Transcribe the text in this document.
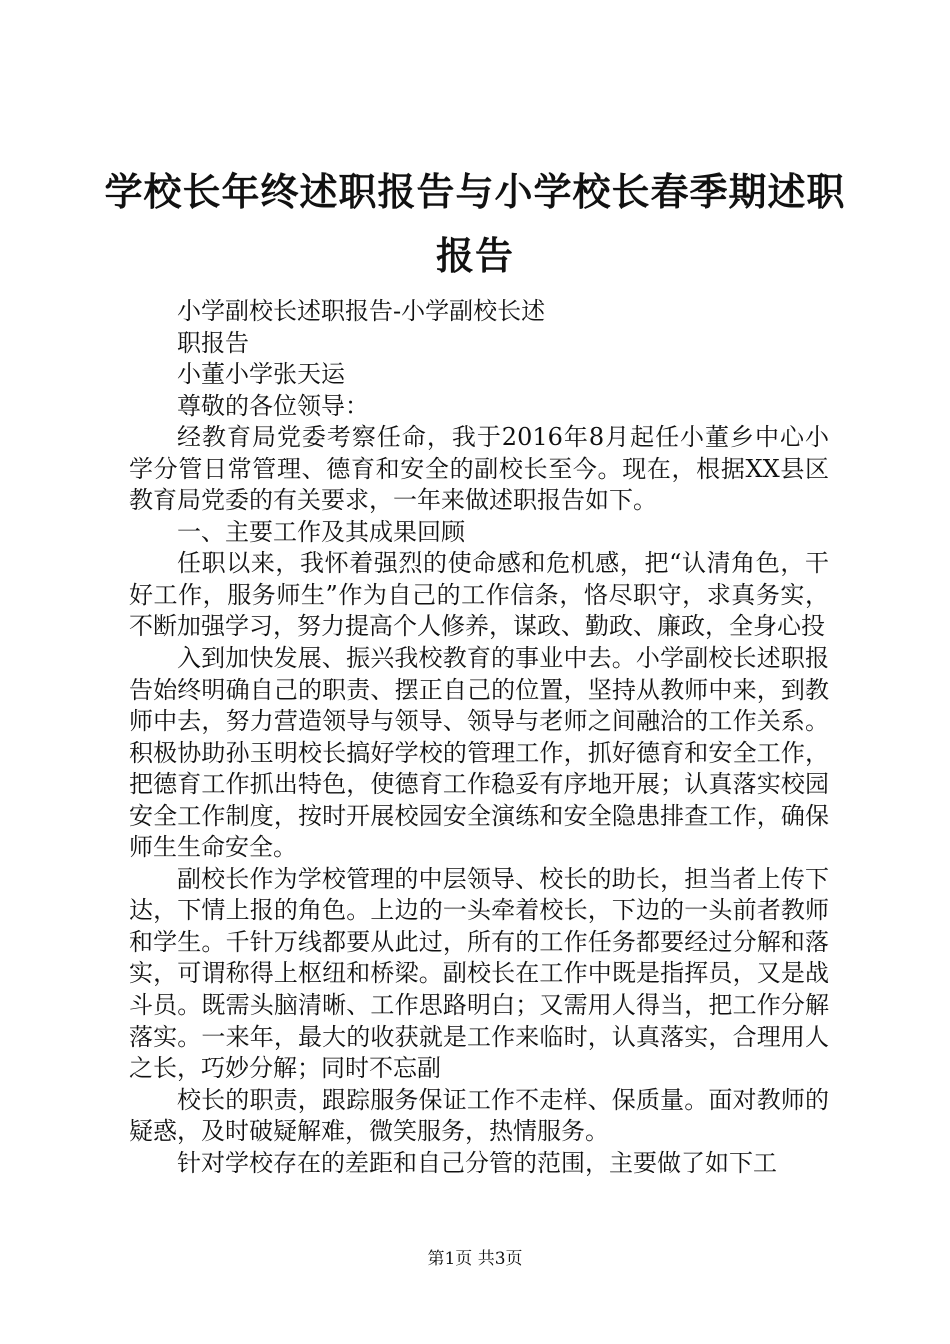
学校长年终述职报告与小学校长春季期述职报告

小学副校长述职报告-小学副校长述

职报告

小董小学张天运

尊敬的各位领导：

经教育局党委考察任命，我于2016年8月起任小董乡中心小学分管日常管理、德育和安全的副校长至今。现在，根据XX县区教育局党委的有关要求，一年来做述职报告如下。

一、主要工作及其成果回顾

任职以来，我怀着强烈的使命感和危机感，把“认清角色，干好工作，服务师生”作为自己的工作信条，恪尽职守，求真务实，不断加强学习，努力提高个人修养，谋政、勤政、廉政，全身心投

入到加快发展、振兴我校教育的事业中去。小学副校长述职报告始终明确自己的职责、摆正自己的位置，坚持从教师中来，到教师中去，努力营造领导与领导、领导与老师之间融洽的工作关系。积极协助孙玉明校长搞好学校的管理工作，抓好德育和安全工作，把德育工作抓出特色，使德育工作稳妥有序地开展；认真落实校园安全工作制度，按时开展校园安全演练和安全隐患排查工作，确保师生生命安全。

副校长作为学校管理的中层领导、校长的助长，担当者上传下达，下情上报的角色。上边的一头牵着校长，下边的一头前者教师和学生。千针万线都要从此过，所有的工作任务都要经过分解和落实，可谓称得上枢纽和桥梁。副校长在工作中既是指挥员，又是战斗员。既需头脑清晰、工作思路明白；又需用人得当，把工作分解落实。一来年，最大的收获就是工作来临时，认真落实，合理用人之长，巧妙分解；同时不忘副

校长的职责，跟踪服务保证工作不走样、保质量。面对教师的疑惑，及时破疑解难，微笑服务，热情服务。

针对学校存在的差距和自己分管的范围，主要做了如下工

第1页 共3页
